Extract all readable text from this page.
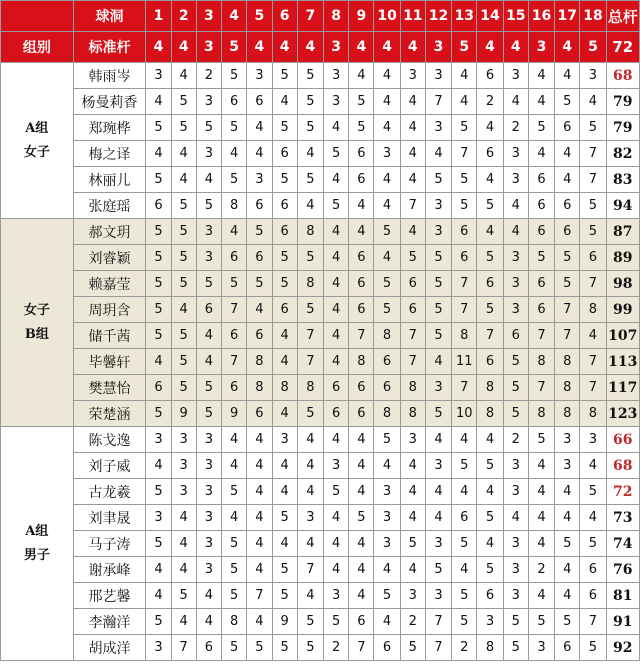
	球洞	1	2	3	4	5	6	7	8	9	10	11	12	13	14	15	16	17	18	总杆
组别	标准杆	4	4	3	5	4	4	4	3	4	4	4	3	5	4	4	3	4	5	72

A组
女子	韩雨岑	3	4	2	5	3	5	5	3	4	4	3	3	4	6	3	4	4	3	68
	杨曼莉香	4	5	3	6	6	4	5	3	5	4	4	7	4	2	4	4	5	4	79
	郑琬桦	5	5	5	5	4	5	5	4	5	4	4	3	5	4	2	5	6	5	79
	梅之译	4	4	3	4	4	6	4	5	6	3	4	4	7	6	3	4	4	7	82
	林丽儿	5	4	4	5	3	5	5	4	6	4	4	5	5	4	3	6	4	7	83
	张庭瑶	6	5	5	8	6	6	4	5	4	4	7	3	5	5	4	6	6	5	94

女子
B组	郝文玥	5	5	3	4	5	6	8	4	4	5	4	3	6	4	4	6	6	5	87
	刘睿颖	5	5	3	6	6	5	5	4	6	4	5	5	6	5	3	5	5	6	89
	赖嘉莹	5	5	5	5	5	5	8	4	6	5	6	5	7	6	3	6	5	7	98
	周玥含	5	4	6	7	4	6	5	4	6	5	6	5	7	5	3	6	7	8	99
	储千茜	5	5	4	6	6	4	7	4	7	8	7	5	8	7	6	7	7	4	107
	毕馨轩	4	5	4	7	8	4	7	4	8	6	7	4	11	6	5	8	8	7	113
	樊慧怡	6	5	5	6	8	8	8	6	6	6	8	3	7	8	5	7	8	7	117
	荣楚涵	5	9	5	9	6	4	5	6	6	8	8	5	10	8	5	8	8	8	123

A组
男子	陈戈逸	3	3	3	4	4	3	4	4	4	5	3	4	4	4	2	5	3	3	66
	刘子威	4	3	3	4	4	4	4	3	4	4	4	3	5	5	3	4	3	4	68
	古龙羲	5	3	3	5	4	4	4	5	4	3	4	4	4	4	3	4	4	5	72
	刘聿晟	3	4	3	4	4	5	3	4	5	3	4	4	6	5	4	4	4	4	73
	马子涛	5	4	3	5	4	4	4	4	4	3	5	3	5	4	3	4	5	5	74
	谢承峰	4	4	3	5	4	5	7	4	4	4	4	5	4	5	3	2	4	6	76
	邢艺馨	4	5	4	5	7	5	4	3	4	5	3	3	5	6	3	4	4	6	81
	李瀚洋	5	4	4	8	4	9	5	5	6	4	2	7	5	3	5	5	5	7	91
	胡成洋	3	7	6	5	5	5	5	2	7	6	5	7	2	8	5	3	6	5	92
